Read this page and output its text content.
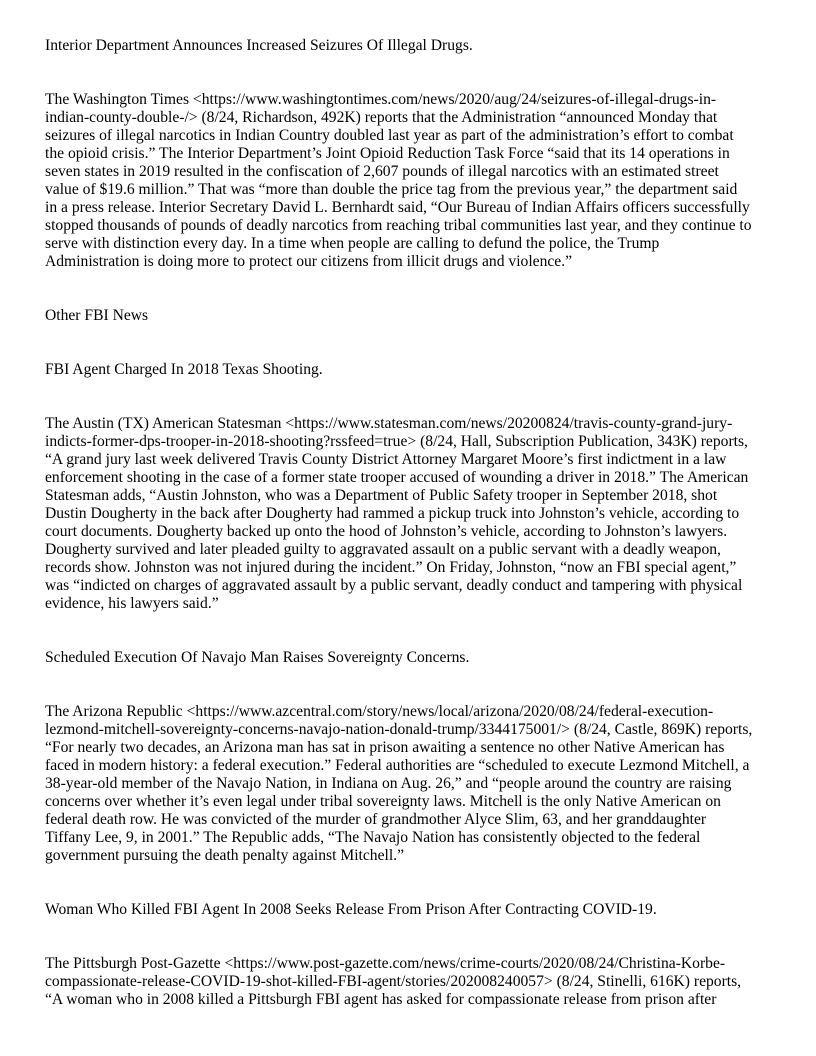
Interior Department Announces Increased Seizures Of Illegal Drugs.

The Washington Times <https://www.washingtontimes.com/news/2020/aug/24/seizures-of-illegal-drugs-in-
indian-county-double-/> (8/24, Richardson, 492K) reports that the Administration “announced Monday that
seizures of illegal narcotics in Indian Country doubled last year as part of the administration’s effort to combat
the opioid crisis.” The Interior Department’s Joint Opioid Reduction Task Force “said that its 14 operations in
seven states in 2019 resulted in the confiscation of 2,607 pounds of illegal narcotics with an estimated street
value of $19.6 million.” That was “more than double the price tag from the previous year,” the department said
in a press release. Interior Secretary David L. Bernhardt said, “Our Bureau of Indian Affairs officers successfully
stopped thousands of pounds of deadly narcotics from reaching tribal communities last year, and they continue to
serve with distinction every day. In a time when people are calling to defund the police, the Trump
Administration is doing more to protect our citizens from illicit drugs and violence.”

Other FBI News

FBI Agent Charged In 2018 Texas Shooting.

The Austin (TX) American Statesman <https://www.statesman.com/news/20200824/travis-county-grand-jury-
indicts-former-dps-trooper-in-2018-shooting?rssfeed=true> (8/24, Hall, Subscription Publication, 343K) reports,
“A grand jury last week delivered Travis County District Attorney Margaret Moore’s first indictment in a law
enforcement shooting in the case of a former state trooper accused of wounding a driver in 2018.” The American
Statesman adds, “Austin Johnston, who was a Department of Public Safety trooper in September 2018, shot
Dustin Dougherty in the back after Dougherty had rammed a pickup truck into Johnston’s vehicle, according to
court documents. Dougherty backed up onto the hood of Johnston’s vehicle, according to Johnston’s lawyers.
Dougherty survived and later pleaded guilty to aggravated assault on a public servant with a deadly weapon,
records show. Johnston was not injured during the incident.” On Friday, Johnston, “now an FBI special agent,”
was “indicted on charges of aggravated assault by a public servant, deadly conduct and tampering with physical
evidence, his lawyers said.”

Scheduled Execution Of Navajo Man Raises Sovereignty Concerns.

The Arizona Republic <https://www.azcentral.com/story/news/local/arizona/2020/08/24/federal-execution-
lezmond-mitchell-sovereignty-concerns-navajo-nation-donald-trump/3344175001/> (8/24, Castle, 869K) reports,
“For nearly two decades, an Arizona man has sat in prison awaiting a sentence no other Native American has
faced in modern history: a federal execution.” Federal authorities are “scheduled to execute Lezmond Mitchell, a
38-year-old member of the Navajo Nation, in Indiana on Aug. 26,” and “people around the country are raising
concerns over whether it’s even legal under tribal sovereignty laws. Mitchell is the only Native American on
federal death row. He was convicted of the murder of grandmother Alyce Slim, 63, and her granddaughter
Tiffany Lee, 9, in 2001.” The Republic adds, “The Navajo Nation has consistently objected to the federal
government pursuing the death penalty against Mitchell.”

Woman Who Killed FBI Agent In 2008 Seeks Release From Prison After Contracting COVID-19.

The Pittsburgh Post-Gazette <https://www.post-gazette.com/news/crime-courts/2020/08/24/Christina-Korbe-
compassionate-release-COVID-19-shot-killed-FBI-agent/stories/202008240057> (8/24, Stinelli, 616K) reports,
“A woman who in 2008 killed a Pittsburgh FBI agent has asked for compassionate release from prison after
